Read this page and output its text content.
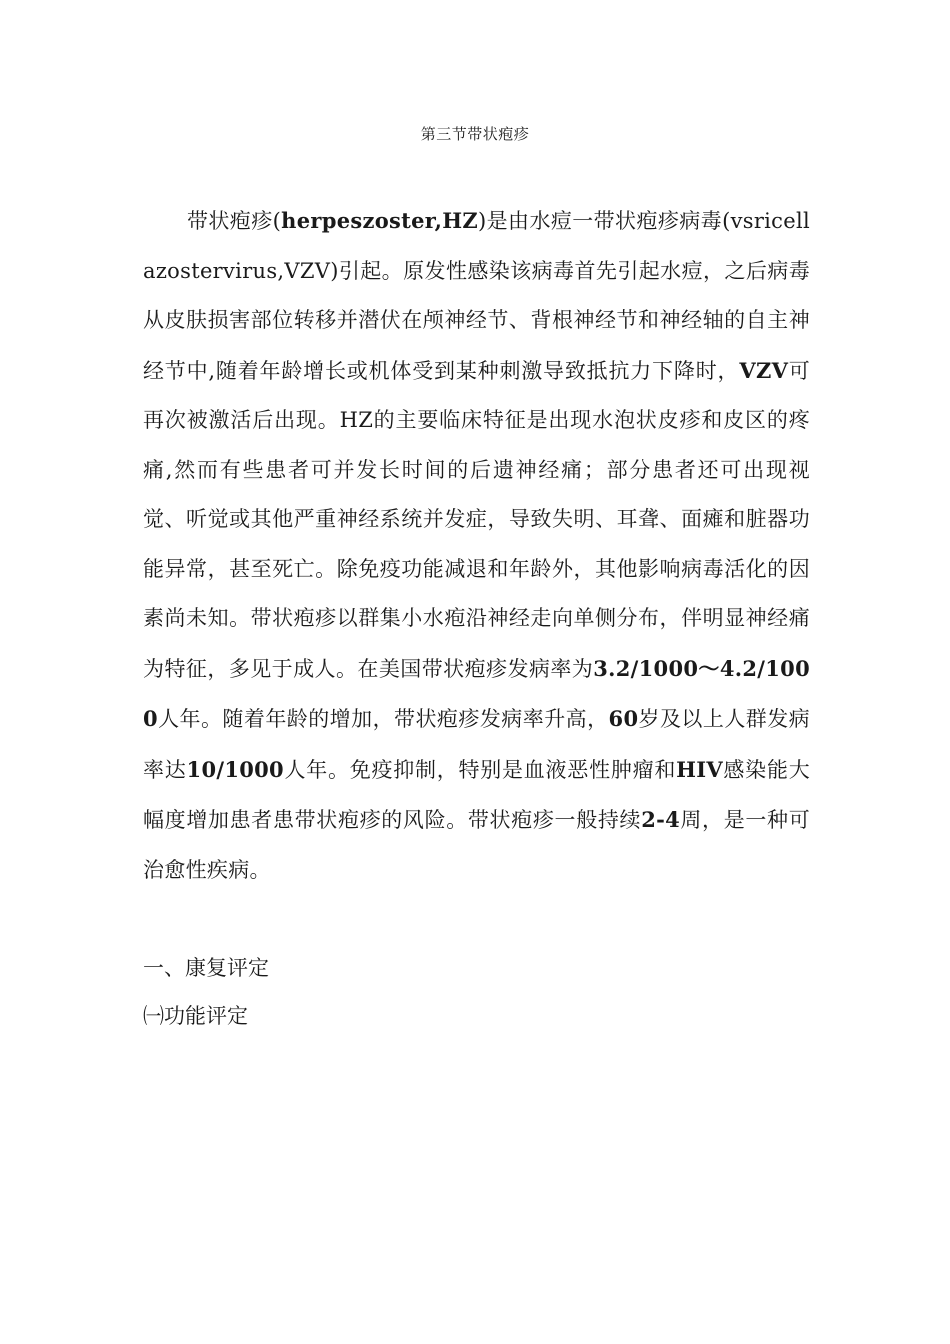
第三节带状疱疹

带状疱疹(herpeszoster,HZ)是由水痘一带状疱疹病毒(vsricellazostervirus,VZV)引起。原发性感染该病毒首先引起水痘，之后病毒从皮肤损害部位转移并潜伏在颅神经节、背根神经节和神经轴的自主神经节中,随着年龄增长或机体受到某种刺激导致抵抗力下降时，VZV可再次被激活后出现。HZ的主要临床特征是出现水泡状皮疹和皮区的疼痛,然而有些患者可并发长时间的后遗神经痛；部分患者还可出现视觉、听觉或其他严重神经系统并发症，导致失明、耳聋、面瘫和脏器功能异常，甚至死亡。除免疫功能减退和年龄外，其他影响病毒活化的因素尚未知。带状疱疹以群集小水疱沿神经走向单侧分布，伴明显神经痛为特征，多见于成人。在美国带状疱疹发病率为3.2/1000〜4.2/1000人年。随着年龄的增加，带状疱疹发病率升高，60岁及以上人群发病率达10/1000人年。免疫抑制，特别是血液恶性肿瘤和HIV感染能大幅度增加患者患带状疱疹的风险。带状疱疹一般持续2-4周，是一种可治愈性疾病。

一、康复评定
㈠功能评定
